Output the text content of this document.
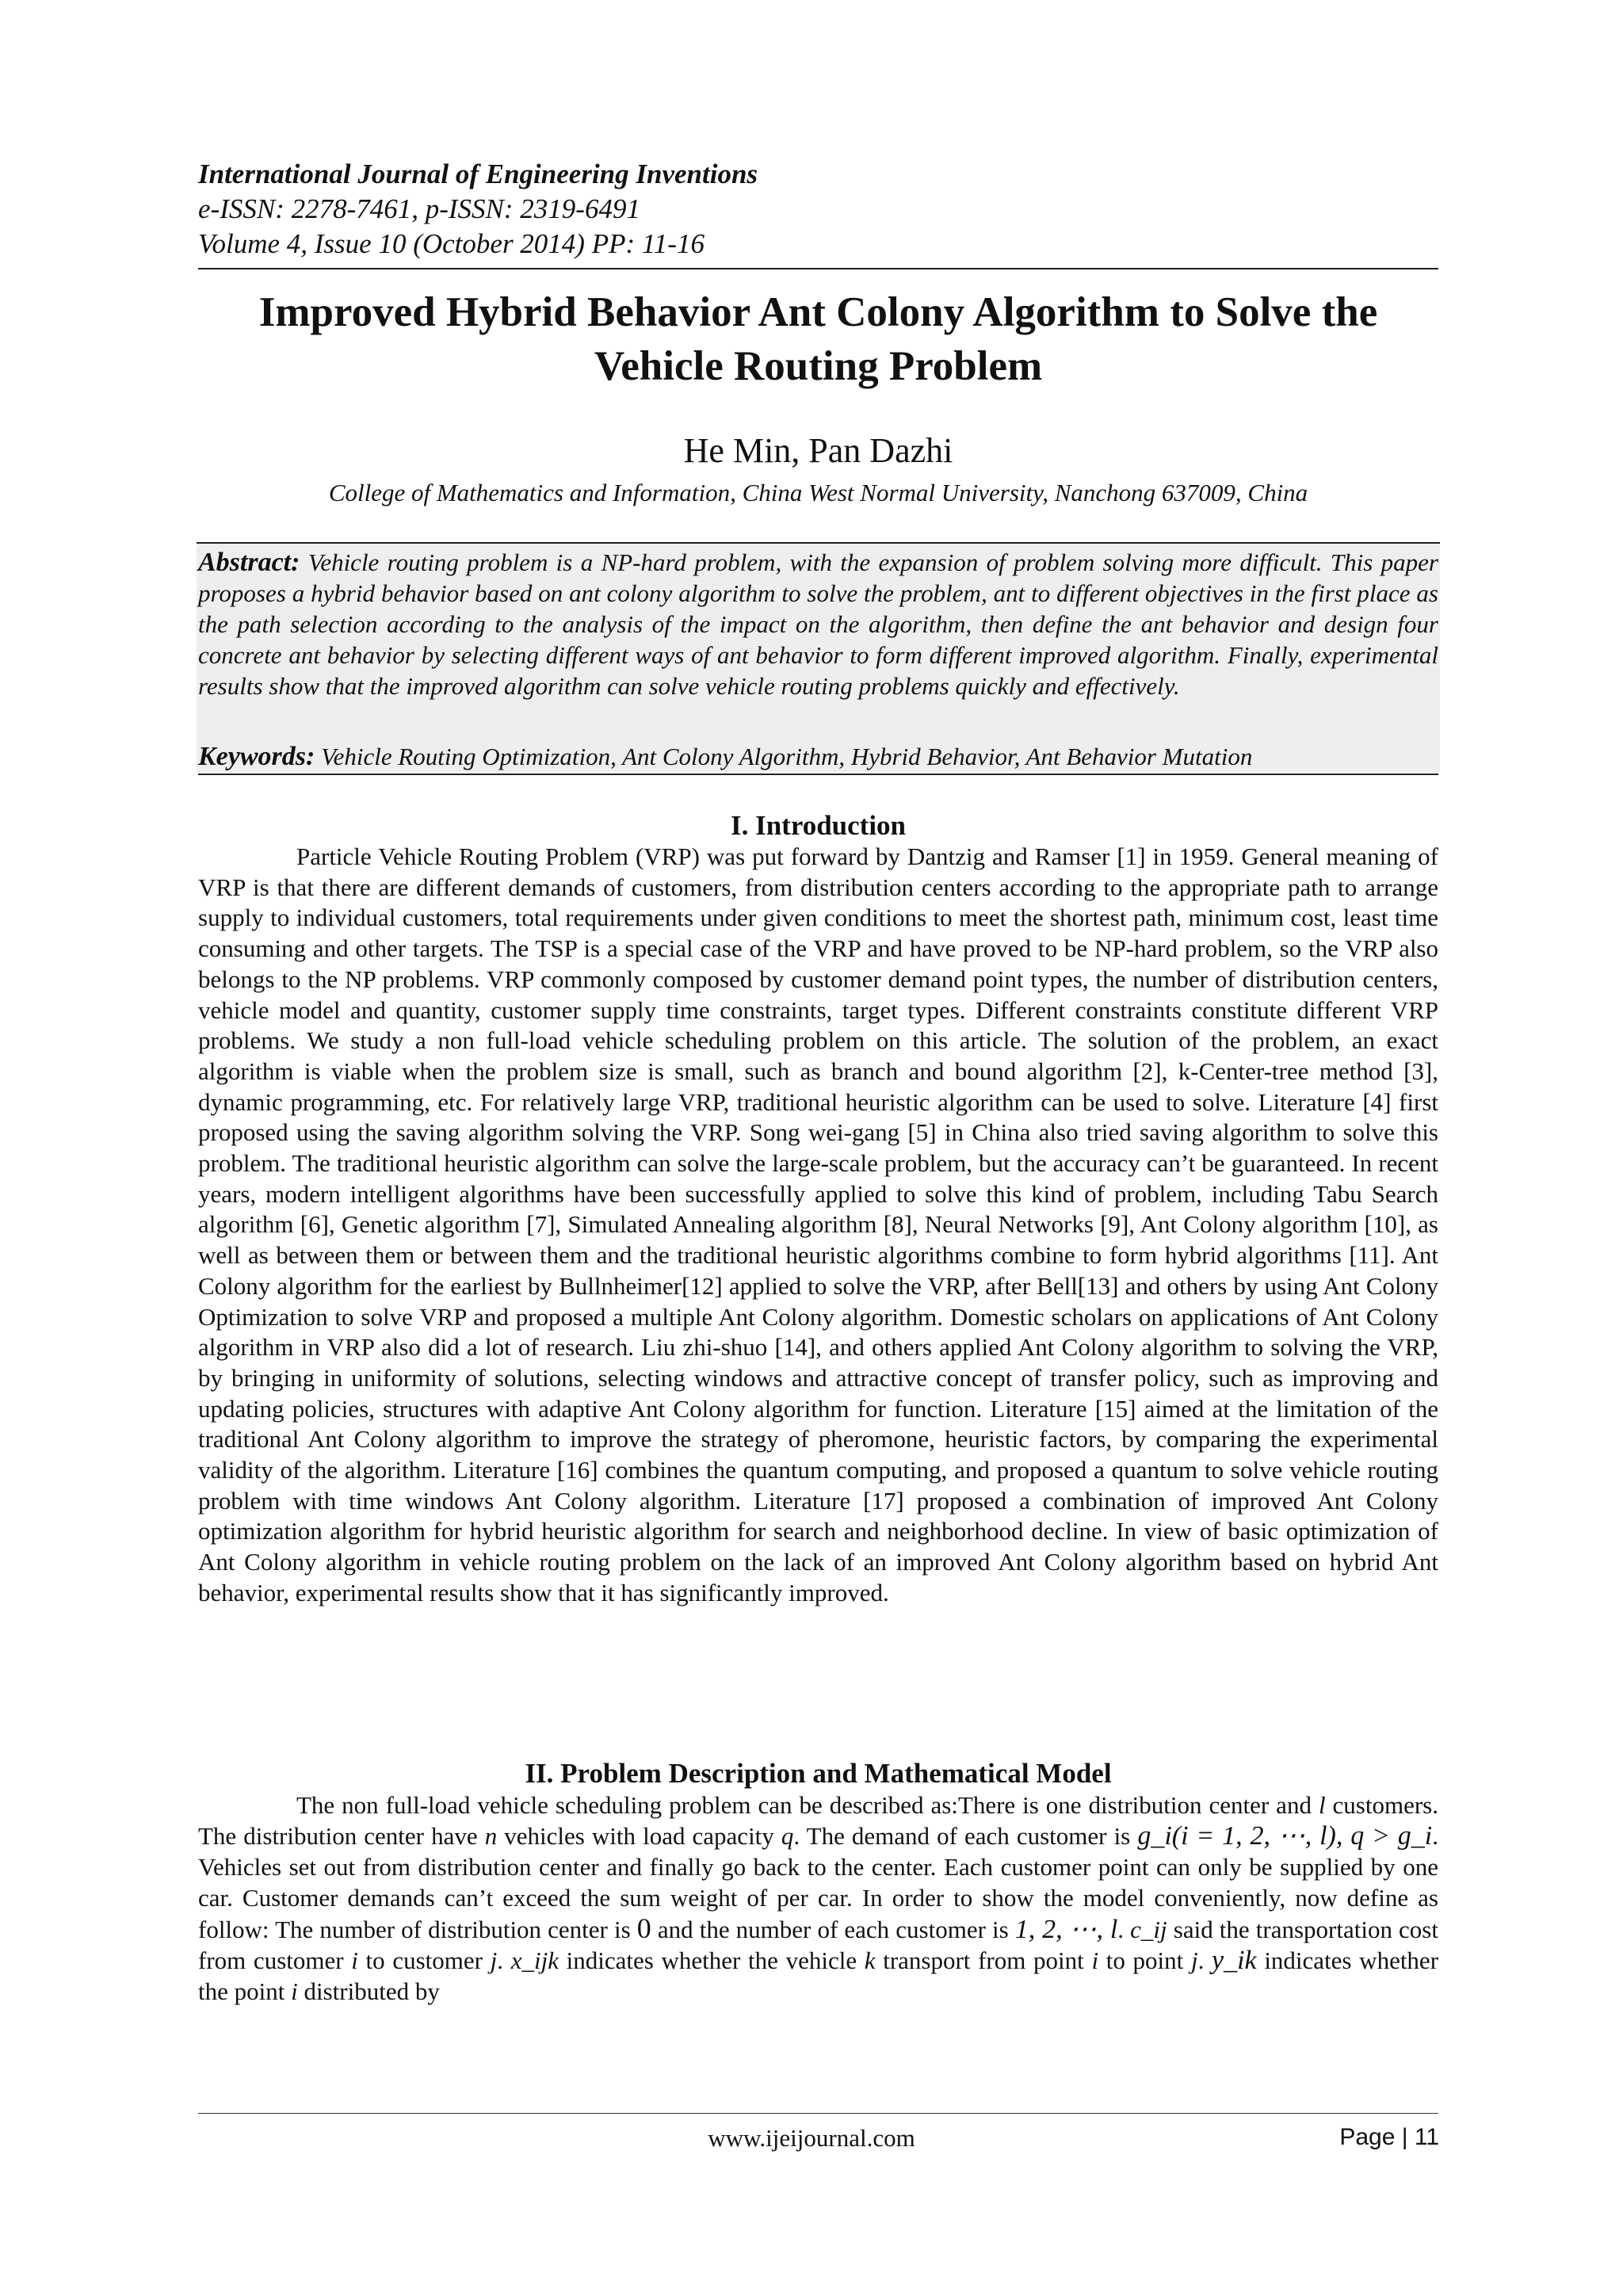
International Journal of Engineering Inventions
e-ISSN: 2278-7461, p-ISSN: 2319-6491
Volume 4, Issue 10 (October 2014) PP: 11-16
Improved Hybrid Behavior Ant Colony Algorithm to Solve the
Vehicle Routing Problem
He Min, Pan Dazhi
College of Mathematics and Information, China West Normal University, Nanchong 637009, China
Abstract: Vehicle routing problem is a NP-hard problem, with the expansion of problem solving more difficult. This paper proposes a hybrid behavior based on ant colony algorithm to solve the problem, ant to different objectives in the first place as the path selection according to the analysis of the impact on the algorithm, then define the ant behavior and design four concrete ant behavior by selecting different ways of ant behavior to form different improved algorithm. Finally, experimental results show that the improved algorithm can solve vehicle routing problems quickly and effectively.
Keywords: Vehicle Routing Optimization, Ant Colony Algorithm, Hybrid Behavior, Ant Behavior Mutation
I. Introduction
Particle Vehicle Routing Problem (VRP) was put forward by Dantzig and Ramser [1] in 1959. General meaning of VRP is that there are different demands of customers, from distribution centers according to the appropriate path to arrange supply to individual customers, total requirements under given conditions to meet the shortest path, minimum cost, least time consuming and other targets. The TSP is a special case of the VRP and have proved to be NP-hard problem, so the VRP also belongs to the NP problems. VRP commonly composed by customer demand point types, the number of distribution centers, vehicle model and quantity, customer supply time constraints, target types. Different constraints constitute different VRP problems. We study a non full-load vehicle scheduling problem on this article. The solution of the problem, an exact algorithm is viable when the problem size is small, such as branch and bound algorithm [2], k-Center-tree method [3], dynamic programming, etc. For relatively large VRP, traditional heuristic algorithm can be used to solve. Literature [4] first proposed using the saving algorithm solving the VRP. Song wei-gang [5] in China also tried saving algorithm to solve this problem. The traditional heuristic algorithm can solve the large-scale problem, but the accuracy can’t be guaranteed. In recent years, modern intelligent algorithms have been successfully applied to solve this kind of problem, including Tabu Search algorithm [6], Genetic algorithm [7], Simulated Annealing algorithm [8], Neural Networks [9], Ant Colony algorithm [10], as well as between them or between them and the traditional heuristic algorithms combine to form hybrid algorithms [11]. Ant Colony algorithm for the earliest by Bullnheimer[12] applied to solve the VRP, after Bell[13] and others by using Ant Colony Optimization to solve VRP and proposed a multiple Ant Colony algorithm. Domestic scholars on applications of Ant Colony algorithm in VRP also did a lot of research. Liu zhi-shuo [14], and others applied Ant Colony algorithm to solving the VRP, by bringing in uniformity of solutions, selecting windows and attractive concept of transfer policy, such as improving and updating policies, structures with adaptive Ant Colony algorithm for function. Literature [15] aimed at the limitation of the traditional Ant Colony algorithm to improve the strategy of pheromone, heuristic factors, by comparing the experimental validity of the algorithm. Literature [16] combines the quantum computing, and proposed a quantum to solve vehicle routing problem with time windows Ant Colony algorithm. Literature [17] proposed a combination of improved Ant Colony optimization algorithm for hybrid heuristic algorithm for search and neighborhood decline. In view of basic optimization of Ant Colony algorithm in vehicle routing problem on the lack of an improved Ant Colony algorithm based on hybrid Ant behavior, experimental results show that it has significantly improved.
II. Problem Description and Mathematical Model
The non full-load vehicle scheduling problem can be described as:There is one distribution center and l customers. The distribution center have n vehicles with load capacity q. The demand of each customer is g_i(i = 1, 2, ⋯, l), q > g_i. Vehicles set out from distribution center and finally go back to the center. Each customer point can only be supplied by one car. Customer demands can’t exceed the sum weight of per car. In order to show the model conveniently, now define as follow: The number of distribution center is 0 and the number of each customer is 1, 2, ⋯, l. c_ij said the transportation cost from customer i to customer j. x_ijk indicates whether the vehicle k transport from point i to point j. y_ik indicates whether the point i distributed by
www.ijeijournal.com	Page | 11
